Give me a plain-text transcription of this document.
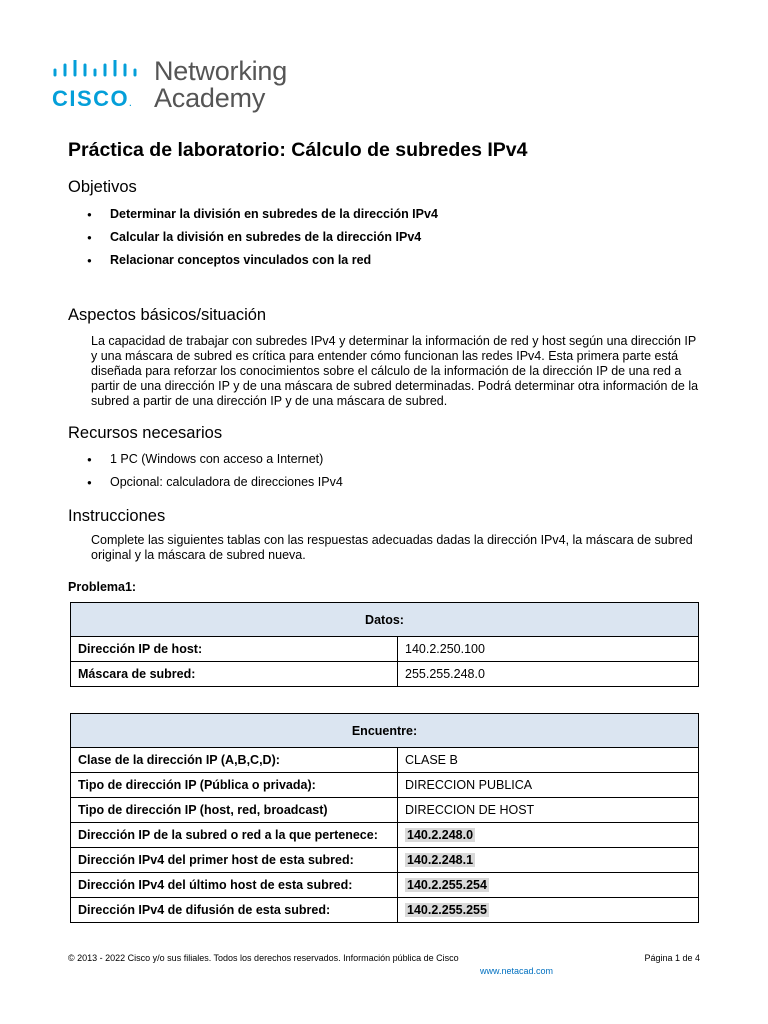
CISCO.
Networking
Academy
Práctica de laboratorio: Cálculo de subredes IPv4
Objetivos
● Determinar la división en subredes de la dirección IPv4
● Calcular la división en subredes de la dirección IPv4
● Relacionar conceptos vinculados con la red
Aspectos básicos/situación

La capacidad de trabajar con subredes IPv4 y determinar la información de red y host según una dirección IP y una máscara de subred es crítica para entender cómo funcionan las redes IPv4. Esta primera parte está diseñada para reforzar los conocimientos sobre el cálculo de la información de la dirección IP de una red a partir de una dirección IP y de una máscara de subred determinadas. Podrá determinar otra información de la subred a partir de una dirección IP y de una máscara de subred.

Recursos necesarios
● 1 PC (Windows con acceso a Internet)
● Opcional: calculadora de direcciones IPv4
Instrucciones

Complete las siguientes tablas con las respuestas adecuadas dadas la dirección IPv4, la máscara de subred original y la máscara de subred nueva.

Problema1:

Datos:	
Dirección IP de host:	140.2.250.100
Máscara de subred:	255.255.248.0
Encuentre:	
Clase de la dirección IP (A,B,C,D):	CLASE B
Tipo de dirección IP (Pública o privada):	DIRECCION PUBLICA
Tipo de dirección IP (host, red, broadcast)	DIRECCION DE HOST
Dirección IP de la subred o red a la que pertenece:	140.2.248.0
Dirección IPv4 del primer host de esta subred:	140.2.248.1
Dirección IPv4 del último host de esta subred:	140.2.255.254
Dirección IPv4 de difusión de esta subred:	140.2.255.255
© 2013 - 2022 Cisco y/o sus filiales. Todos los derechos reservados. Información pública de Cisco	Página 1 de 4
www.netacad.com
